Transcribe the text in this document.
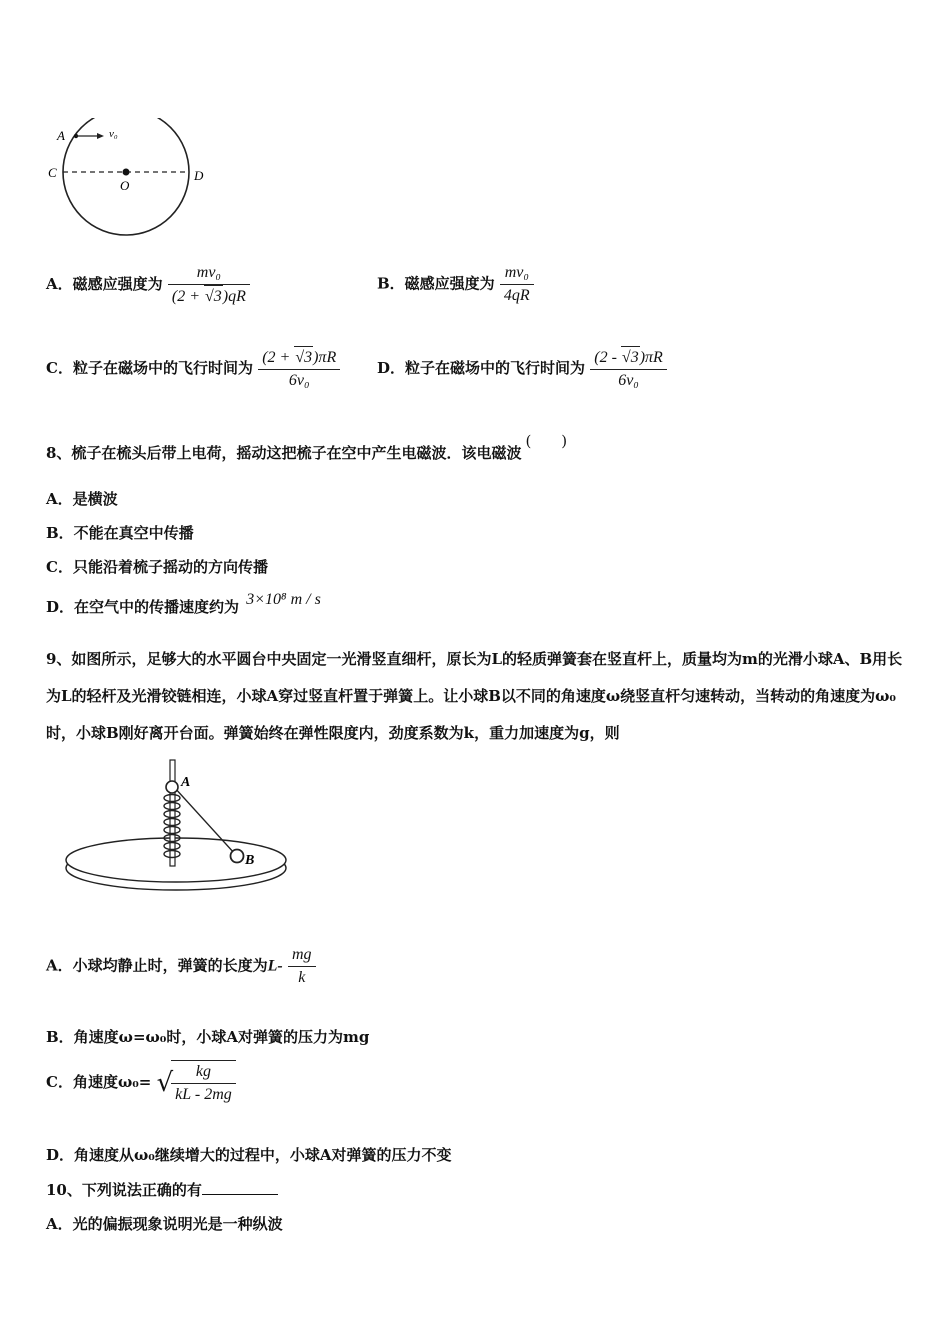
A	v₀
C
O
D
A．磁感应强度为 $\frac{\text{mv₀}}{(2 + √3)qR}$	B．磁感应强度为 $\frac{\text{mv₀}}{4qR}$
C．粒子在磁场中的飞行时间为 $\frac{(2 + √3)\pi R}{\text{6v₀}}$ D．粒子在磁场中的飞行时间为 $\frac{(2 - √3)\pi R}{\text{6v₀}}$
8、梳子在梳头后带上电荷，摇动这把梳子在空中产生电磁波．该电磁波(　　)
A．是横波
B．不能在真空中传播
C．只能沿着梳子摇动的方向传播
D．在空气中的传播速度约为 3×10⁸ m / s
9、如图所示，足够大的水平圆台中央固定一光滑竖直细杆，原长为L的轻质弹簧套在竖直杆上，质量均为m的光滑小球A、B用长为L的轻杆及光滑铰链相连，小球A穿过竖直杆置于弹簧上。让小球B以不同的角速度ω绕竖直杆匀速转动，当转动的角速度为ω₀时，小球B刚好离开台面。弹簧始终在弹性限度内，劲度系数为k，重力加速度为g，则
A
B
A．小球均静止时，弹簧的长度为$L- \frac{mg}{k}$
B．角速度ω=ω₀时，小球A对弹簧的压力为mg
C．角速度ω₀= √
$\frac{kg}{kL - 2mg}$
D．角速度从ω₀继续增大的过程中，小球A对弹簧的压力不变
10、下列说法正确的有
A．光的偏振现象说明光是一种纵波
